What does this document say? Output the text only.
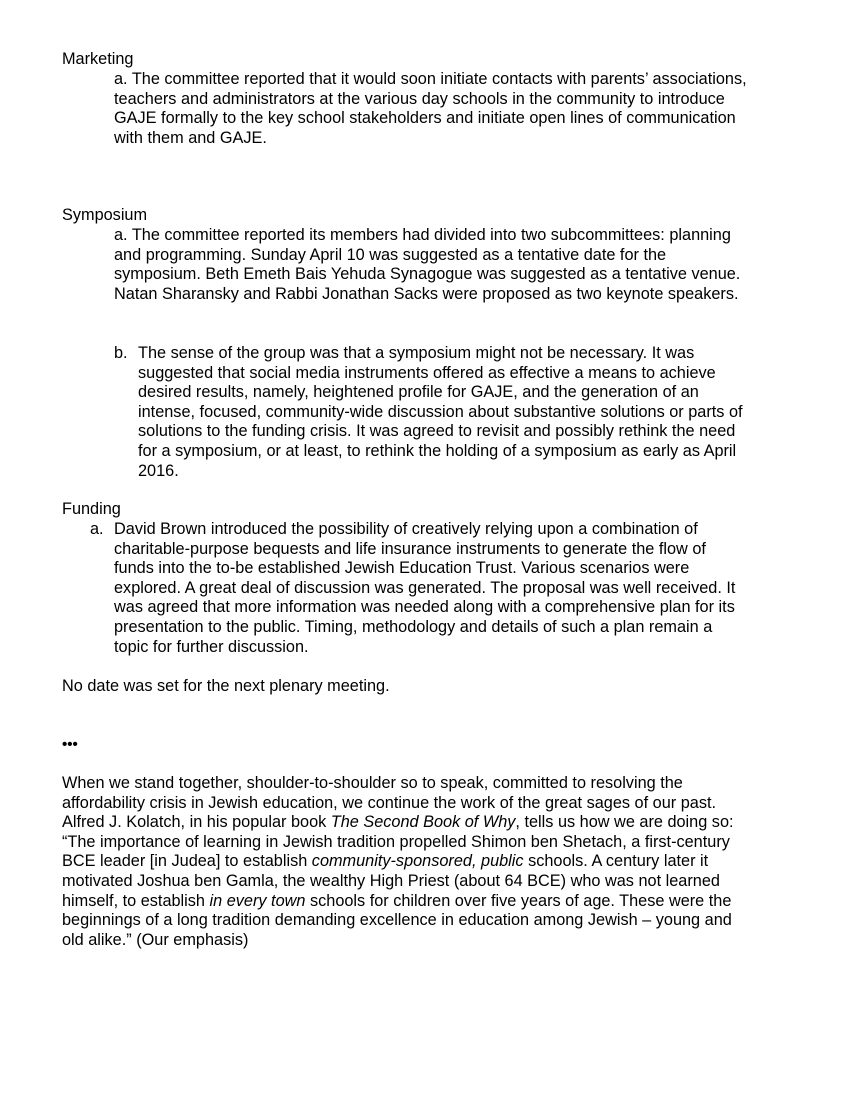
Marketing
a. The committee reported that it would soon initiate contacts with parents’ associations, teachers and administrators at the various day schools in the community to introduce GAJE formally to the key school stakeholders and initiate open lines of communication with them and GAJE.
Symposium
a. The committee reported its members had divided into two subcommittees: planning and programming. Sunday April 10 was suggested as a tentative date for the symposium. Beth Emeth Bais Yehuda Synagogue was suggested as a tentative venue. Natan Sharansky and Rabbi Jonathan Sacks were proposed as two keynote speakers.
b. The sense of the group was that a symposium might not be necessary. It was suggested that social media instruments offered as effective a means to achieve desired results, namely, heightened profile for GAJE, and the generation of an intense, focused, community-wide discussion about substantive solutions or parts of solutions to the funding crisis. It was agreed to revisit and possibly rethink the need for a symposium, or at least, to rethink the holding of a symposium as early as April 2016.
Funding
a. David Brown introduced the possibility of creatively relying upon a combination of charitable-purpose bequests and life insurance instruments to generate the flow of funds into the to-be established Jewish Education Trust. Various scenarios were explored. A great deal of discussion was generated. The proposal was well received. It was agreed that more information was needed along with a comprehensive plan for its presentation to the public. Timing, methodology and details of such a plan remain a topic for further discussion.
No date was set for the next plenary meeting.
•••
When we stand together, shoulder-to-shoulder so to speak, committed to resolving the affordability crisis in Jewish education, we continue the work of the great sages of our past. Alfred J. Kolatch, in his popular book The Second Book of Why, tells us how we are doing so: “The importance of learning in Jewish tradition propelled Shimon ben Shetach, a first-century BCE leader [in Judea] to establish community-sponsored, public schools. A century later it motivated Joshua ben Gamla, the wealthy High Priest (about 64 BCE) who was not learned himself, to establish in every town schools for children over five years of age. These were the beginnings of a long tradition demanding excellence in education among Jewish – young and old alike.” (Our emphasis)
